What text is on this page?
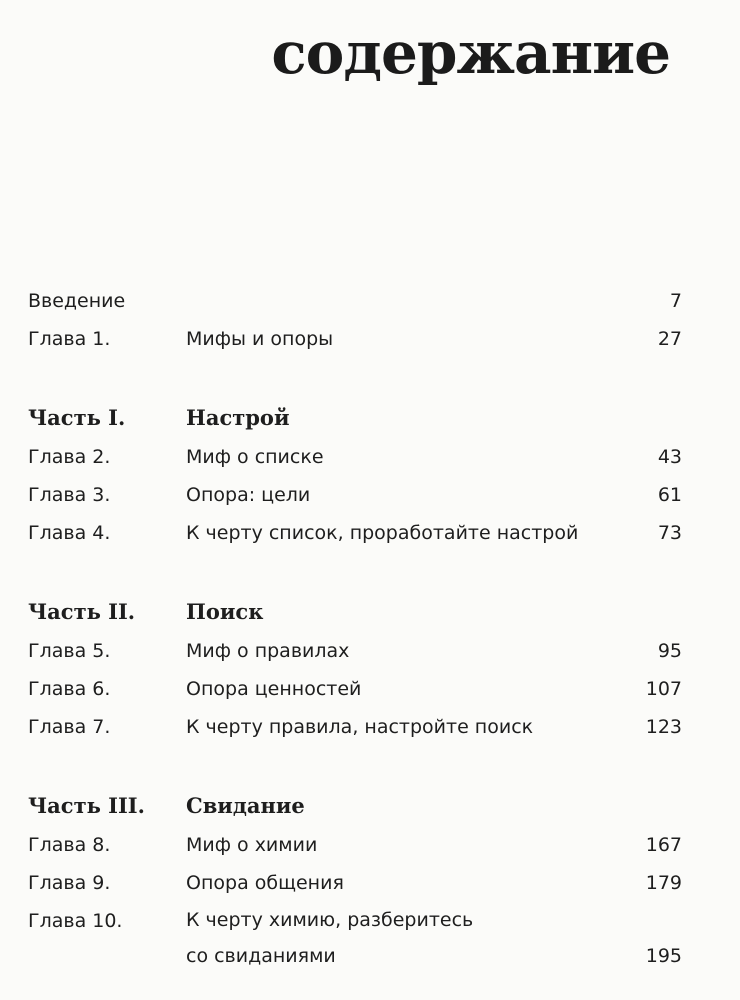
содержание
Введение	7
Глава 1.	Мифы и опоры	27
Часть I.	Настрой
Глава 2.	Миф о списке	43
Глава 3.	Опора: цели	61
Глава 4.	К черту список, проработайте настрой	73
Часть II. Поиск
Глава 5.	Миф о правилах	95
Глава 6.	Опора ценностей	107
Глава 7.	К черту правила, настройте поиск	123
Часть III. Свидание
Глава 8.	Миф о химии	167
Глава 9.	Опора общения	179
Глава 10.	К черту химию, разберитесь
со свиданиями	195
